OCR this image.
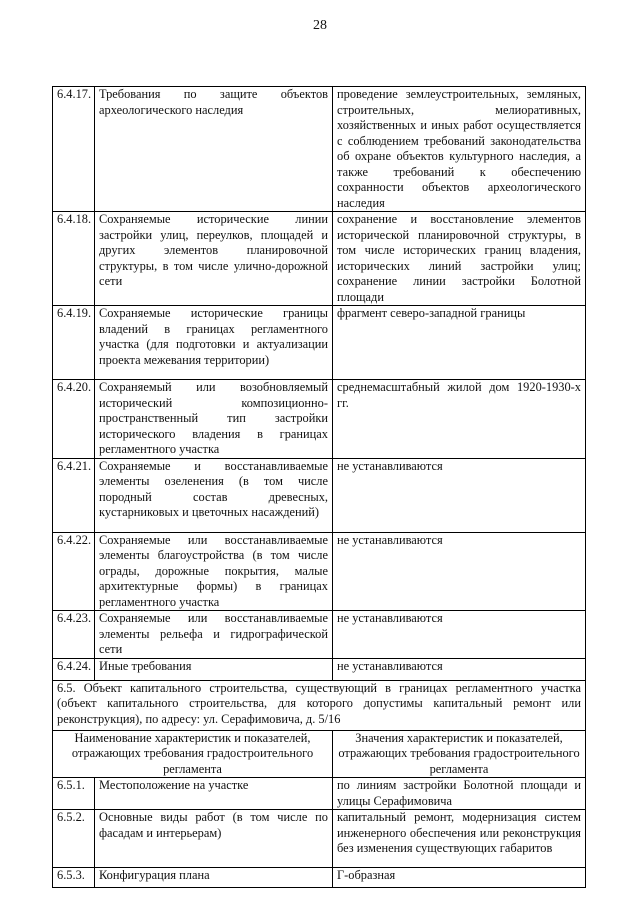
28
6.4.17.	Требования по защите объектов археологического наследия	проведение землеустроительных, земляных, строительных, мелиоративных, хозяйственных и иных работ осуществляется с соблюдением требований законодательства об охране объектов культурного наследия, а также требований к обеспечению сохранности объектов археологического наследия
6.4.18.	Сохраняемые исторические линии застройки улиц, переулков, площадей и других элементов планировочной структуры, в том числе улично-дорожной сети	сохранение и восстановление элементов исторической планировочной структуры, в том числе исторических границ владения, исторических линий застройки улиц; сохранение линии застройки Болотной площади
6.4.19.	Сохраняемые исторические границы владений в границах регламентного участка (для подготовки и актуализации проекта межевания территории)	фрагмент северо-западной границы
6.4.20.	Сохраняемый или возобновляемый исторический композиционно-пространственный тип застройки исторического владения в границах регламентного участка	среднемасштабный жилой дом 1920-1930-х гг.
6.4.21.	Сохраняемые и восстанавливаемые элементы озеленения (в том числе породный состав древесных, кустарниковых и цветочных насаждений)	не устанавливаются
6.4.22.	Сохраняемые или восстанавливаемые элементы благоустройства (в том числе ограды, дорожные покрытия, малые архитектурные формы) в границах регламентного участка	не устанавливаются
6.4.23.	Сохраняемые или восстанавливаемые элементы рельефа и гидрографической сети	не устанавливаются
6.4.24.	Иные требования	не устанавливаются
6.5. Объект капитального строительства, существующий в границах регламентного участка (объект капитального строительства, для которого допустимы капитальный ремонт или реконструкция), по адресу: ул. Серафимовича, д. 5/16		
Наименование характеристик и показателей, отражающих требования градостроительного регламента		Значения характеристик и показателей, отражающих требования градостроительного регламента
6.5.1.	Местоположение на участке	по линиям застройки Болотной площади и улицы Серафимовича
6.5.2.	Основные виды работ (в том числе по фасадам и интерьерам)	капитальный ремонт, модернизация систем инженерного обеспечения или реконструкция без изменения существующих габаритов
6.5.3.	Конфигурация плана	Г-образная
